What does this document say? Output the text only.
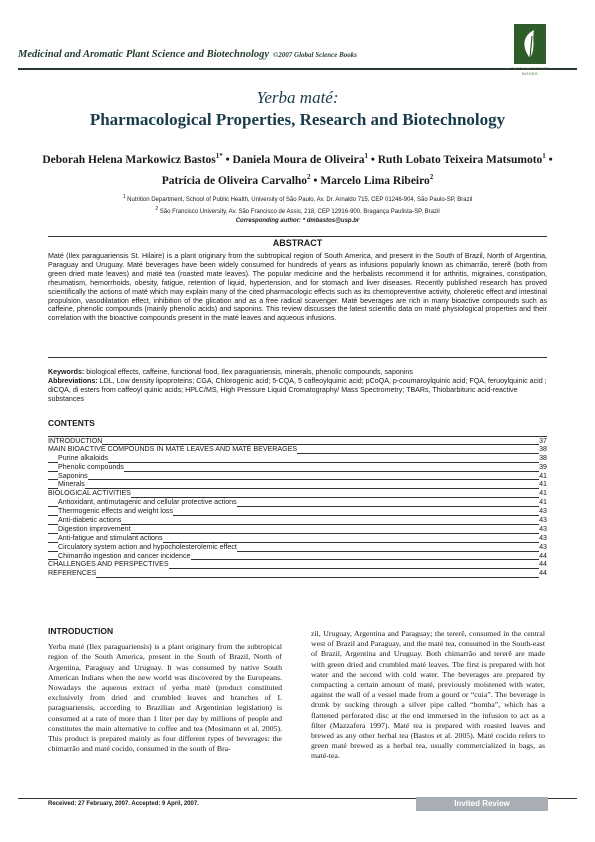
Medicinal and Aromatic Plant Science and Biotechnology ©2007 Global Science Books
BOOKS
Yerba maté:
Pharmacological Properties, Research and Biotechnology
Deborah Helena Markowicz Bastos$^{1*}$ • Daniela Moura de Oliveira$^1$ • Ruth Lobato Teixeira Matsumoto$^1$ • Patrícia de Oliveira Carvalho$^2$ • Marcelo Lima Ribeiro$^2$
$^1$ Nutrition Department, School of Public Health, University of São Paulo, Av. Dr. Arnaldo 715, CEP 01246-904, São Paulo-SP, Brazil
$^2$ São Francisco University, Av. São Francisco de Assis, 218, CEP 12916-900, Bragança Paulista-SP, Brazil
Corresponding author: * dmbastos@usp.br
ABSTRACT
Maté (Ilex paraguariensis St. Hilaire) is a plant originary from the subtropical region of South America, and present in the South of Brazil, North of Argentina, Paraguay and Uruguay. Maté beverages have been widely consumed for hundreds of years as infusions popularly known as chimarrão, tererê (both from green dried mate leaves) and maté tea (roasted mate leaves). The popular medicine and the herbalists recommend it for arthritis, migraines, constipation, rheumatism, hemorrhoids, obesity, fatigue, retention of liquid, hypertension, and for stomach and liver diseases. Recently published research has proved scientifically the actions of maté which may explain many of the cited pharmacologic effects such as its chemopreventive activity, choleretic effect and intestinal propulsion, vasodilatation effect, inhibition of the glication and as a free radical scavenger. Maté beverages are rich in many bioactive compounds such as caffeine, phenolic compounds (mainly phenolic acids) and saponins. This review discusses the latest scientific data on maté physiological properties and their correlation with the bioactive compounds present in the maté leaves and aqueous infusions.
Keywords: biological effects, caffeine, functional food, Ilex paraguariensis, minerals, phenolic compounds, saponins
Abbreviations: LDL, Low density lipoproteins; CGA, Chlorogenic acid; 5-CQA, 5 caffeoylquinic acid; pCoQA, p-coumaroylquinic acid; FQA, feruoylquinic acid ; diCQA, di esters from caffeoyl quinic acids; HPLC/MS, High Pressure Liquid Cromatography/ Mass Spectrometry; TBARs, Thiobarbituric acid-reactive substances
CONTENTS
INTRODUCTION	37
MAIN BIOACTIVE COMPOUNDS IN MATÉ LEAVES AND MATÉ BEVERAGES	38
Purine alkaloids	38
Phenolic compounds	39
Saponins	41
Minerals	41
BIOLOGICAL ACTIVITIES	41
Antioxidant, antimutagenic and cellular protective actions	41
Thermogenic effects and weight loss	43
Anti-diabetic actions	43
Digestion improvement	43
Anti-fatigue and stimulant actions	43
Circulatory system action and hypocholesterolemic effect	43
Chimarrão ingestion and cancer incidence	44
CHALLENGES AND PERSPECTIVES	44
REFERENCES	44
INTRODUCTION

Yerba maté (Ilex paraguariensis) is a plant originary from the subtropical region of the South America, present in the South of Brazil, North of Argentina, Paraguay and Uruguay. It was consumed by native South American Indians when the new world was discovered by the Europeans. Nowadays the aqueous extract of yerba maté (product constituted exclusively from dried and crumbled leaves and branches of I. paraguariensis, according to Brazilian and Argentinian legislation) is consumed at a rate of more than 1 liter per day by millions of people and constitutes the main alternative to coffee and tea (Mosimann et al. 2005). This product is prepared mainly as four different types of beverages: the chimarrão and maté cocido, consumed in the south of Bra-

zil, Uruguay, Argentina and Paraguay; the tererê, consumed in the central west of Brazil and Paraguay, and the maté tea, consumed in the South-east of Brazil, Argentina and Uruguay. Both chimarrão and tererê are made with green dried and crumbled maté leaves. The first is prepared with hot water and the second with cold water. The beverages are prepared by compacting a certain amount of maté, previously moistened with water, against the wall of a vessel made from a gourd or “cuia”. The beverage is drunk by sucking through a silver pipe called “bomba”, which has a flattened perforated disc at the end immersed in the infusion to act as a filter (Mazzafera 1997). Maté tea is prepared with roasted leaves and brewed as any other herbal tea (Bastos et al. 2005). Maté cocido refers to green maté brewed as a herbal tea, usually commercialized in bags, as maté-tea.

Received: 27 February, 2007. Accepted: 9 April, 2007.	Invited Review
